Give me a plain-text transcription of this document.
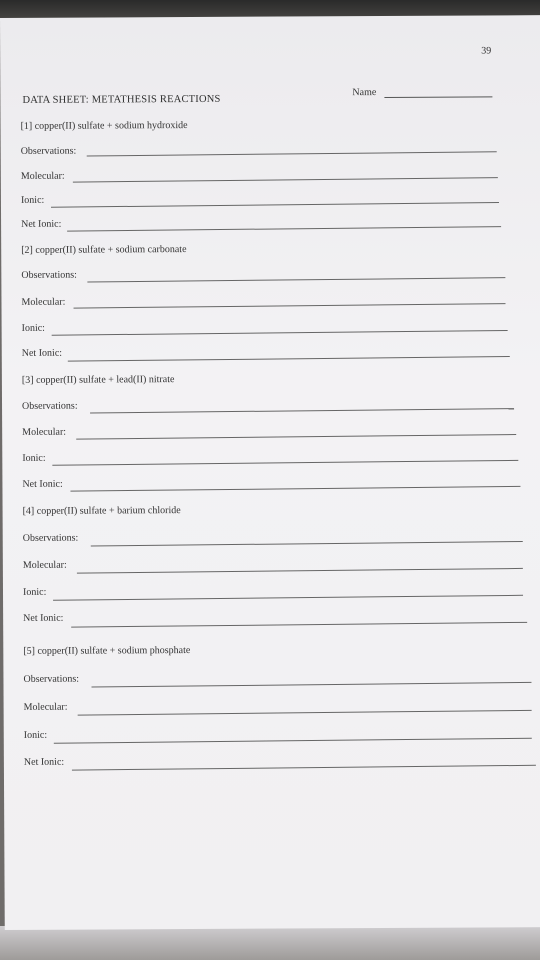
39
DATA SHEET: METATHESIS REACTIONS
Name
[1] copper(II) sulfate + sodium hydroxide
Observations:
Molecular:
Ionic:
Net Ionic:
[2] copper(II) sulfate + sodium carbonate
Observations:
Molecular:
Ionic:
Net Ionic:
[3] copper(II) sulfate + lead(II) nitrate
Observations:
Molecular:
Ionic:
Net Ionic:
[4] copper(II) sulfate + barium chloride
Observations:
Molecular:
Ionic:
Net Ionic:
[5] copper(II) sulfate + sodium phosphate
Observations:
Molecular:
Ionic:
Net Ionic:
